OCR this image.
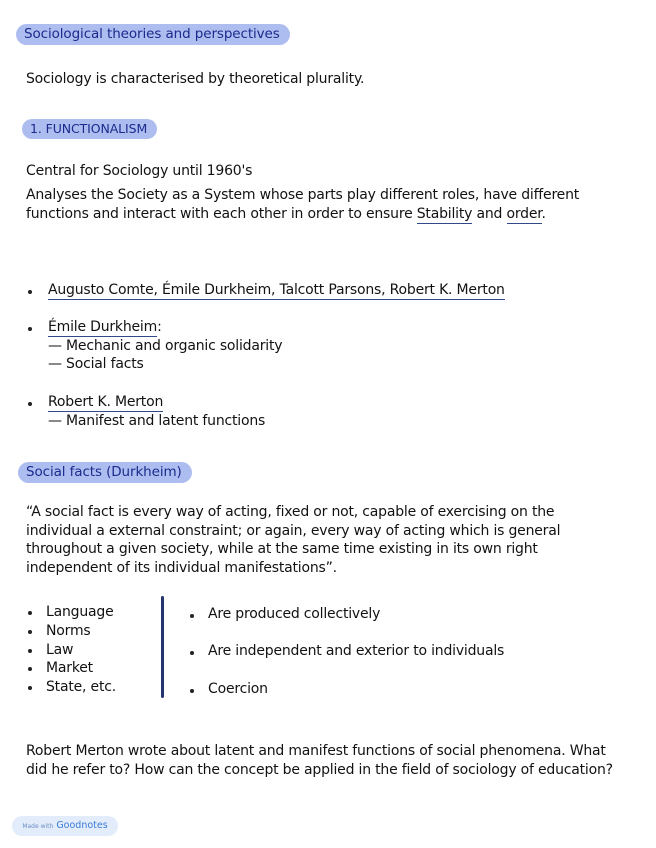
Sociological theories and perspectives
Sociology is characterised by theoretical plurality.
1. FUNCTIONALISM
Central for Sociology until 1960's
Analyses the Society as a System whose parts play different roles, have different functions and interact with each other in order to ensure Stability and order.
Augusto Comte, Émile Durkheim, Talcott Parsons, Robert K. Merton
Émile Durkheim:
— Mechanic and organic solidarity
— Social facts
Robert K. Merton
— Manifest and latent functions
Social facts (Durkheim)
“A social fact is every way of acting, fixed or not, capable of exercising on the individual a external constraint; or again, every way of acting which is general throughout a given society, while at the same time existing in its own right independent of its individual manifestations”.
Language
Norms
Law
Market
State, etc.
Are produced collectively
Are independent and exterior to individuals
Coercion
Robert Merton wrote about latent and manifest functions of social phenomena. What did he refer to? How can the concept be applied in the field of sociology of education?
Made with Goodnotes
